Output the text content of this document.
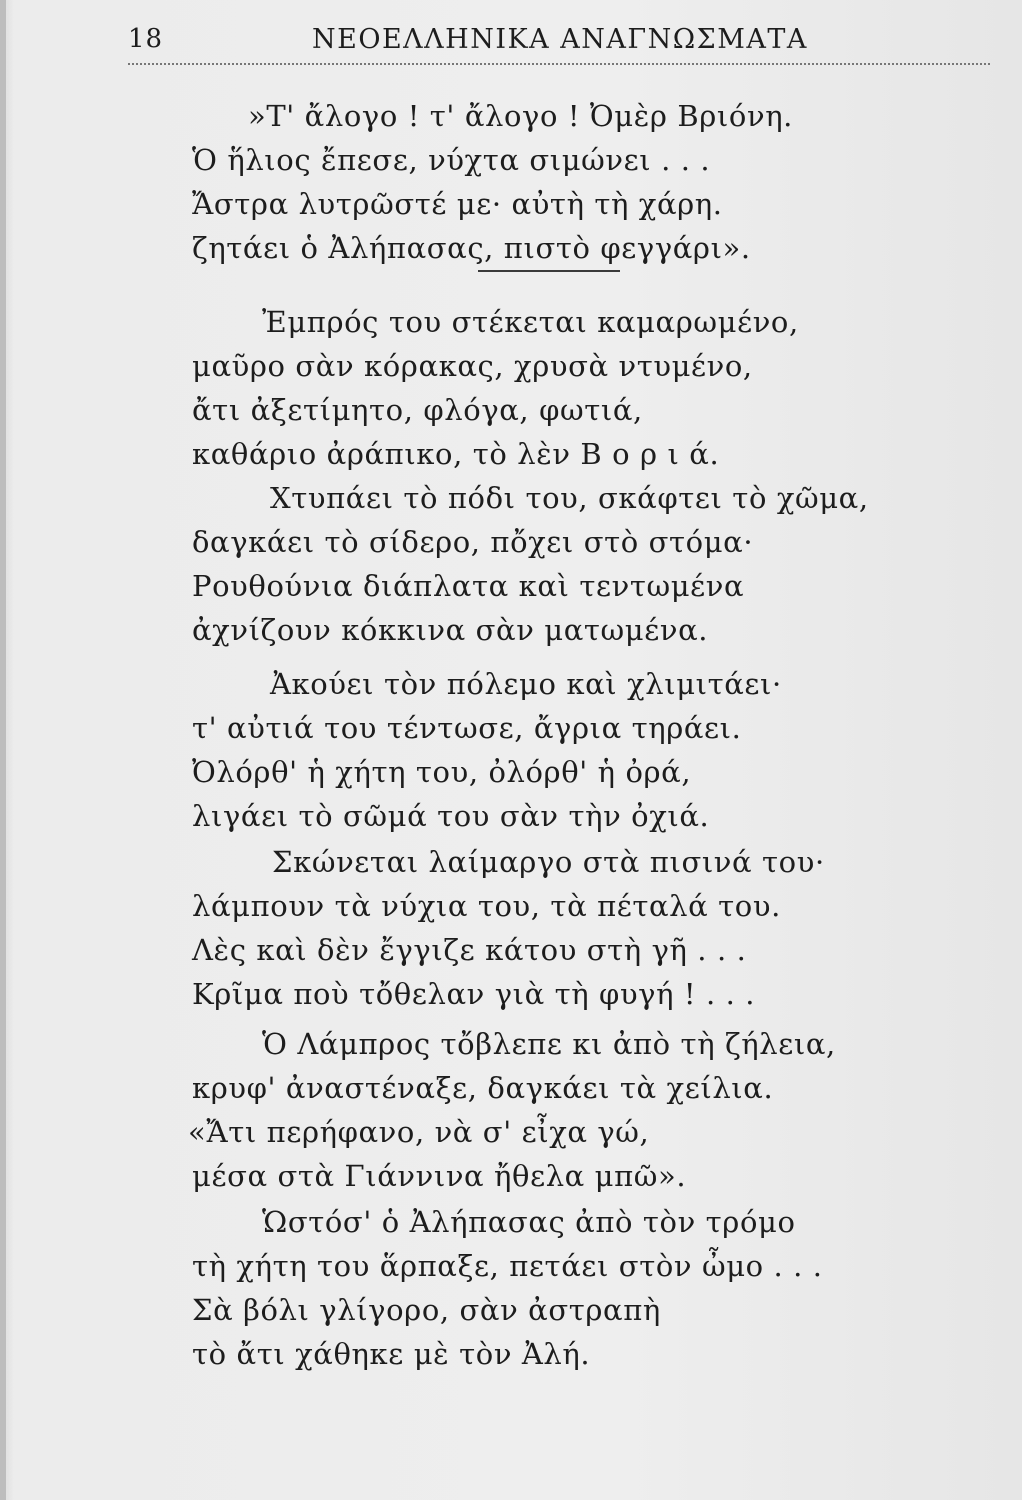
18	ΝΕΟΕΛΛΗΝΙΚΑ ΑΝΑΓΝΩΣΜΑΤΑ
»Τ' ἄλογο ! τ' ἄλογο ! Ὀμὲρ Βριόνη.
Ὁ ἥλιος ἔπεσε, νύχτα σιμώνει . . .
Ἄστρα λυτρῶστέ με· αὐτὴ τὴ χάρη.
ζητάει ὁ Ἀλήπασας, πιστὸ φεγγάρι».
Ἐμπρός του στέκεται καμαρωμένο,
μαῦρο σὰν κόρακας, χρυσὰ ντυμένο,
ἄτι ἀξετίμητο, φλόγα, φωτιά,
καθάριο ἀράπικο, τὸ λὲν Β ο ρ ι ά.
Χτυπάει τὸ πόδι του, σκάφτει τὸ χῶμα,
δαγκάει τὸ σίδερο, πὄχει στὸ στόμα·
Ρουθούνια διάπλατα καὶ τεντωμένα
ἀχνίζουν κόκκινα σὰν ματωμένα.
Ἀκούει τὸν πόλεμο καὶ χλιμιτάει·
τ' αὐτιά του τέντωσε, ἄγρια τηράει.
Ὀλόρθ' ἡ χήτη του, ὀλόρθ' ἡ ὀρά,
λιγάει τὸ σῶμά του σὰν τὴν ὀχιά.
Σκώνεται λαίμαργο στὰ πισινά του·
λάμπουν τὰ νύχια του, τὰ πέταλά του.
Λὲς καὶ δὲν ἔγγιζε κάτου στὴ γῆ . . .
Κρῖμα ποὺ τὄθελαν γιὰ τὴ φυγή ! . . .
Ὁ Λάμπρος τὄβλεπε κι ἀπὸ τὴ ζήλεια,
κρυφ' ἀναστέναξε, δαγκάει τὰ χείλια.
«Ἄτι περήφανο, νὰ σ' εἶχα γώ,
μέσα στὰ Γιάννινα ἤθελα μπῶ».
Ὡστόσ' ὁ Ἀλήπασας ἀπὸ τὸν τρόμο
τὴ χήτη του ἅρπαξε, πετάει στὸν ὦμο . . .
Σὰ βόλι γλίγορο, σὰν ἀστραπὴ
τὸ ἄτι χάθηκε μὲ τὸν Ἀλή.
